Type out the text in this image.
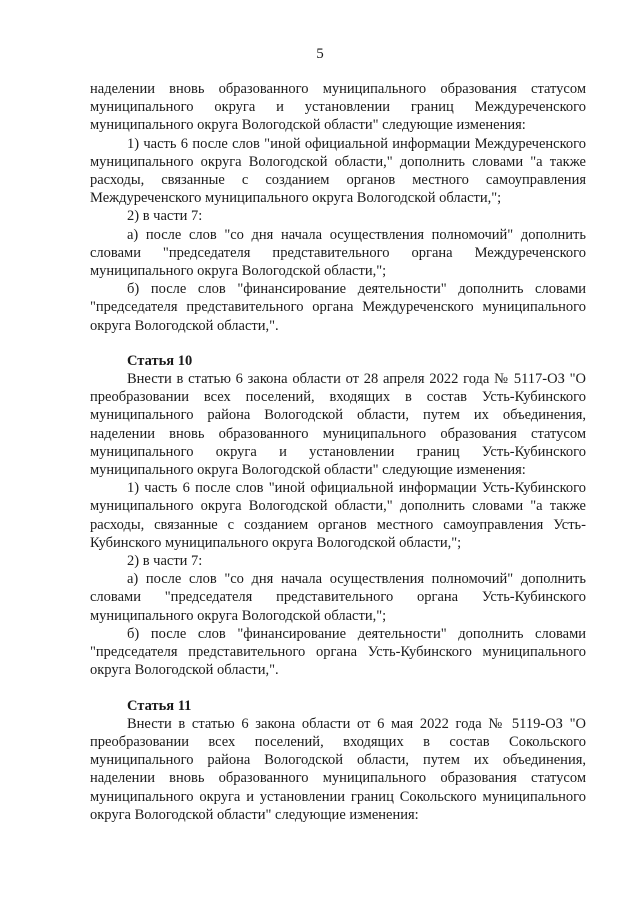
5

наделении вновь образованного муниципального образования статусом муниципального округа и установлении границ Междуреченского муниципального округа Вологодской области" следующие изменения:

1) часть 6 после слов "иной официальной информации Междуреченского муниципального округа Вологодской области," дополнить словами "а также расходы, связанные с созданием органов местного самоуправления Междуреченского муниципального округа Вологодской области,";

2) в части 7:

а) после слов "со дня начала осуществления полномочий" дополнить словами "председателя представительного органа Междуреченского муниципального округа Вологодской области,";

б) после слов "финансирование деятельности" дополнить словами "председателя представительного органа Междуреченского муниципального округа Вологодской области,".

Статья 10

Внести в статью 6 закона области от 28 апреля 2022 года № 5117-ОЗ "О преобразовании всех поселений, входящих в состав Усть-Кубинского муниципального района Вологодской области, путем их объединения, наделении вновь образованного муниципального образования статусом муниципального округа и установлении границ Усть-Кубинского муниципального округа Вологодской области" следующие изменения:

1) часть 6 после слов "иной официальной информации Усть-Кубинского муниципального округа Вологодской области," дополнить словами "а также расходы, связанные с созданием органов местного самоуправления Усть-Кубинского муниципального округа Вологодской области,";

2) в части 7:

а) после слов "со дня начала осуществления полномочий" дополнить словами "председателя представительного органа Усть-Кубинского муниципального округа Вологодской области,";

б) после слов "финансирование деятельности" дополнить словами "председателя представительного органа Усть-Кубинского муниципального округа Вологодской области,".

Статья 11

Внести в статью 6 закона области от 6 мая 2022 года № 5119-ОЗ "О преобразовании всех поселений, входящих в состав Сокольского муниципального района Вологодской области, путем их объединения, наделении вновь образованного муниципального образования статусом муниципального округа и установлении границ Сокольского муниципального округа Вологодской области" следующие изменения:
